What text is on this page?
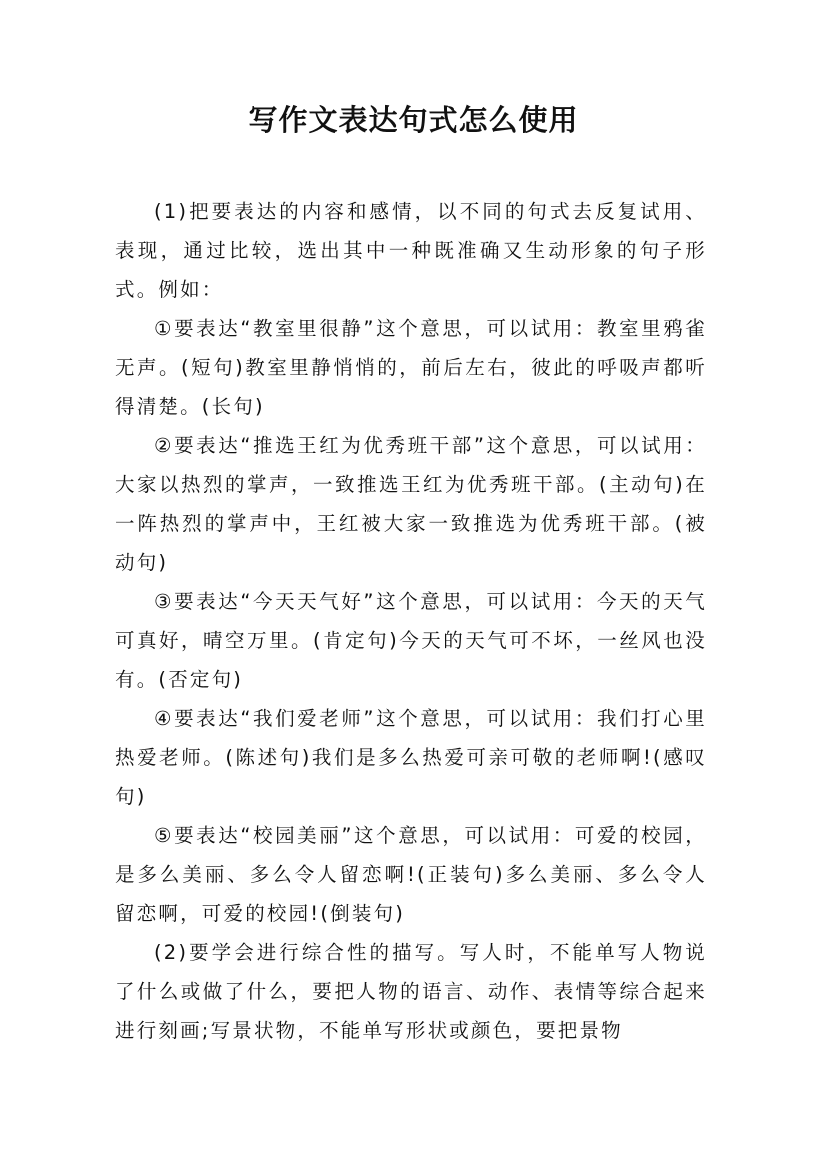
写作文表达句式怎么使用

(1)把要表达的内容和感情，以不同的句式去反复试用、表现，通过比较，选出其中一种既准确又生动形象的句子形式。例如：

①要表达“教室里很静”这个意思，可以试用：教室里鸦雀无声。(短句)教室里静悄悄的，前后左右，彼此的呼吸声都听得清楚。(长句)

②要表达“推选王红为优秀班干部”这个意思，可以试用：大家以热烈的掌声，一致推选王红为优秀班干部。(主动句)在一阵热烈的掌声中，王红被大家一致推选为优秀班干部。(被动句)

③要表达“今天天气好”这个意思，可以试用：今天的天气可真好，晴空万里。(肯定句)今天的天气可不坏，一丝风也没有。(否定句)

④要表达“我们爱老师”这个意思，可以试用：我们打心里热爱老师。(陈述句)我们是多么热爱可亲可敬的老师啊!(感叹句)

⑤要表达“校园美丽”这个意思，可以试用：可爱的校园，是多么美丽、多么令人留恋啊!(正装句)多么美丽、多么令人留恋啊，可爱的校园!(倒装句)

(2)要学会进行综合性的描写。写人时，不能单写人物说了什么或做了什么，要把人物的语言、动作、表情等综合起来进行刻画;写景状物，不能单写形状或颜色，要把景物
